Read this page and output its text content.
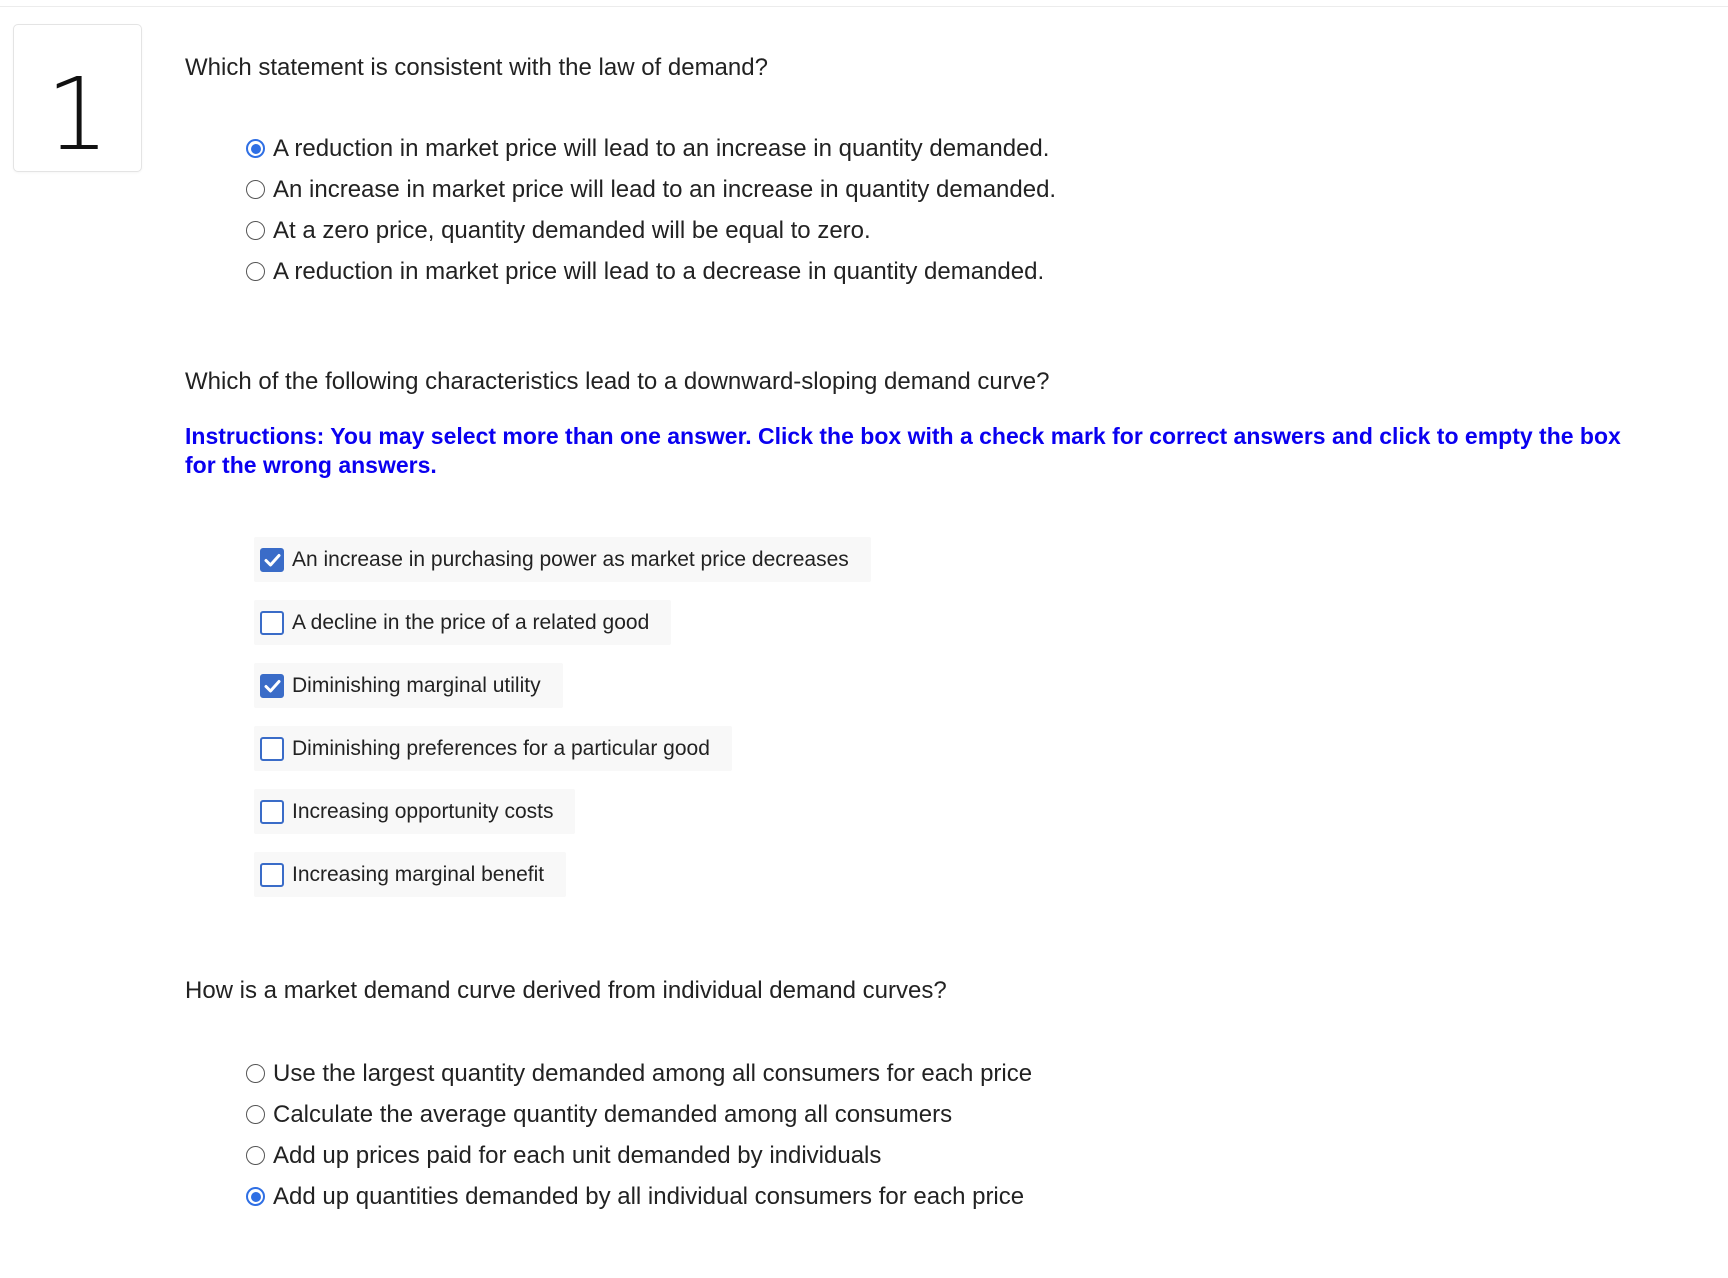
1	Which statement is consistent with the law of demand?
A reduction in market price will lead to an increase in quantity demanded.
An increase in market price will lead to an increase in quantity demanded.
At a zero price, quantity demanded will be equal to zero.
A reduction in market price will lead to a decrease in quantity demanded.
Which of the following characteristics lead to a downward-sloping demand curve?
Instructions: You may select more than one answer. Click the box with a check mark for correct answers and click to empty the box for the wrong answers.
An increase in purchasing power as market price decreases
A decline in the price of a related good
Diminishing marginal utility
Diminishing preferences for a particular good
Increasing opportunity costs
Increasing marginal benefit
How is a market demand curve derived from individual demand curves?
Use the largest quantity demanded among all consumers for each price
Calculate the average quantity demanded among all consumers
Add up prices paid for each unit demanded by individuals
Add up quantities demanded by all individual consumers for each price
